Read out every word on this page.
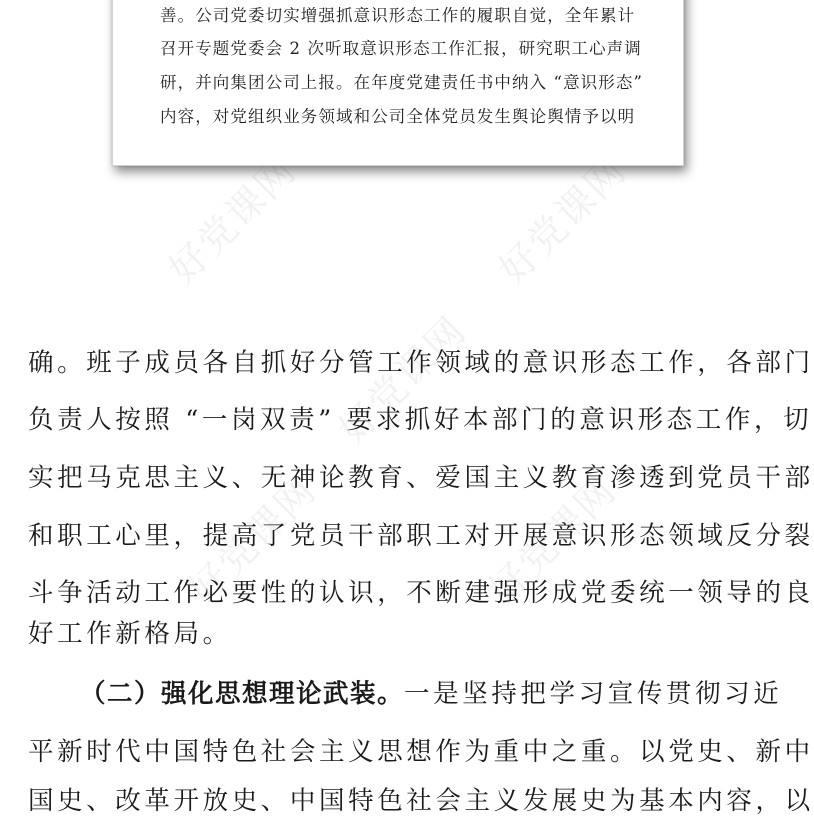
好党课网	好党课网
好党课网
好党课网	好党课网
善。公司党委切实增强抓意识形态工作的履职自觉，全年累计
召开专题党委会 2 次听取意识形态工作汇报，研究职工心声调
研，并向集团公司上报。在年度党建责任书中纳入 “意识形态”
内容，对党组织业务领域和公司全体党员发生舆论舆情予以明
确。班子成员各自抓好分管工作领域的意识形态工作，各部门
负责人按照 “一岗双责” 要求抓好本部门的意识形态工作，切
实把马克思主义、无神论教育、爱国主义教育渗透到党员干部
和职工心里，提高了党员干部职工对开展意识形态领域反分裂
斗争活动工作必要性的认识，不断建强形成党委统一领导的良
好工作新格局。
（二）强化思想理论武装。一是坚持把学习宣传贯彻习近
平新时代中国特色社会主义思想作为重中之重。以党史、新中
国史、改革开放史、中国特色社会主义发展史为基本内容，以
